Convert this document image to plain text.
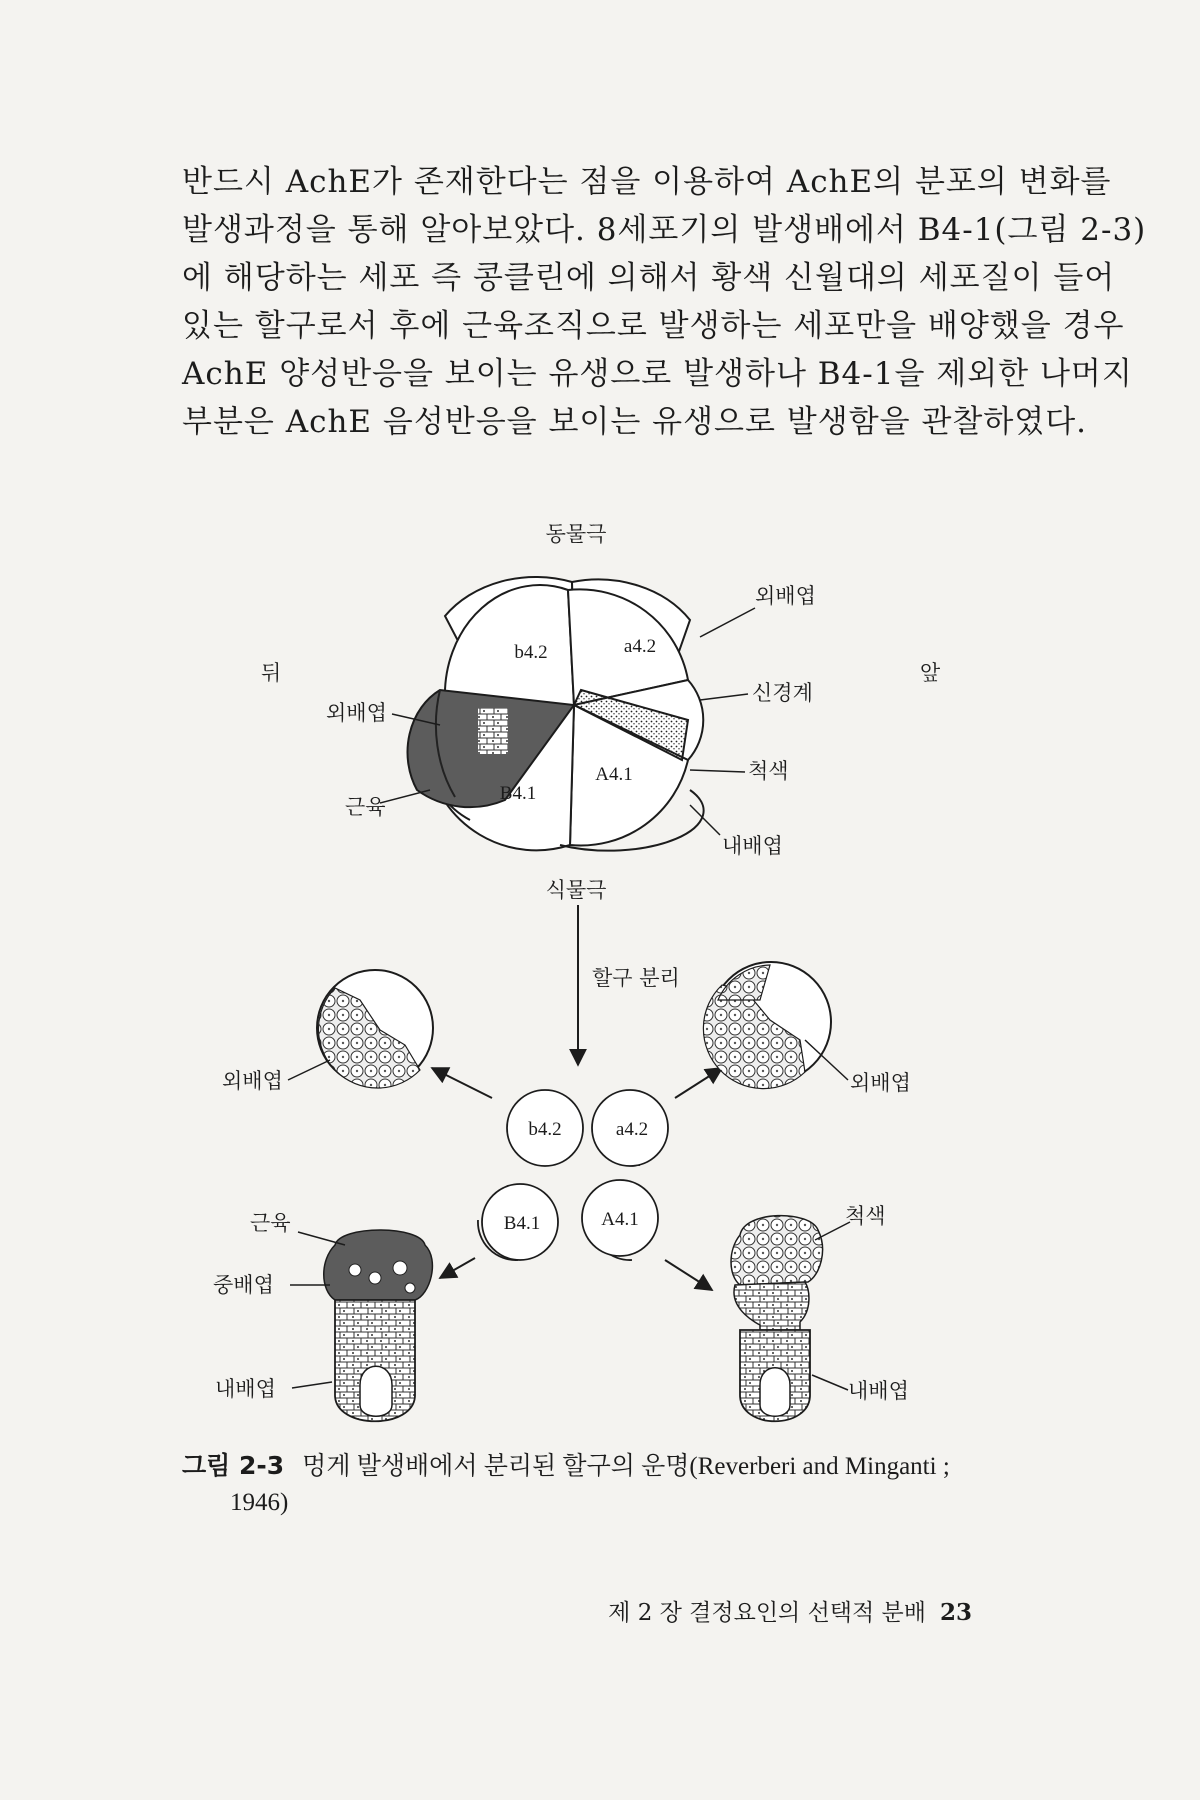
반드시 AchE가 존재한다는 점을 이용하여 AchE의 분포의 변화를
발생과정을 통해 알아보았다. 8세포기의 발생배에서 B4-1(그림 2-3)
에 해당하는 세포 즉 콩클린에 의해서 황색 신월대의 세포질이 들어
있는 할구로서 후에 근육조직으로 발생하는 세포만을 배양했을 경우
AchE 양성반응을 보이는 유생으로 발생하나 B4-1을 제외한 나머지
부분은 AchE 음성반응을 보이는 유생으로 발생함을 관찰하였다.
동물극
식물극
뒤	앞
b4.2	a4.2
B4.1
A4.1
외배엽
신경계
척색
내배엽
외배엽
근육
할구 분리
b4.2	a4.2
B4.1	A4.1
외배엽	외배엽
근육
중배엽
내배엽
척색
내배엽
그림 2-3 멍게 발생배에서 분리된 할구의 운명(Reverberi and Minganti ;
1946)
제 2 장 결정요인의 선택적 분배 23
